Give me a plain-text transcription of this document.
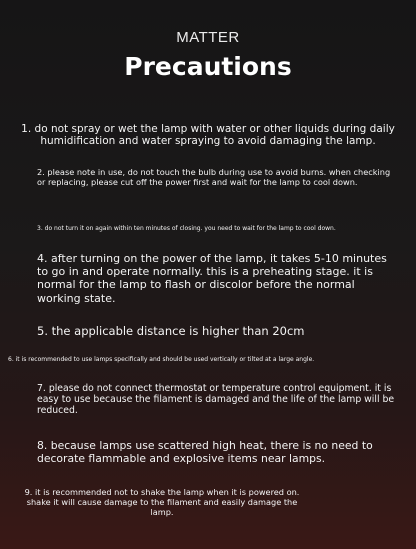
MATTER
Precautions
1. do not spray or wet the lamp with water or other liquids during daily humidification and water spraying to avoid damaging the lamp.
2. please note in use, do not touch the bulb during use to avoid burns. when checking or replacing, please cut off the power first and wait for the lamp to cool down.
3. do not turn it on again within ten minutes of closing. you need to wait for the lamp to cool down.
4. after turning on the power of the lamp, it takes 5-10 minutes to go in and operate normally. this is a preheating stage. it is normal for the lamp to flash or discolor before the normal working state.
5. the applicable distance is higher than 20cm
6. it is recommended to use lamps specifically and should be used vertically or tilted at a large angle.
7. please do not connect thermostat or temperature control equipment. it is easy to use because the filament is damaged and the life of the lamp will be reduced.
8. because lamps use scattered high heat, there is no need to decorate flammable and explosive items near lamps.
9. it is recommended not to shake the lamp when it is powered on. shake it will cause damage to the filament and easily damage the lamp.
